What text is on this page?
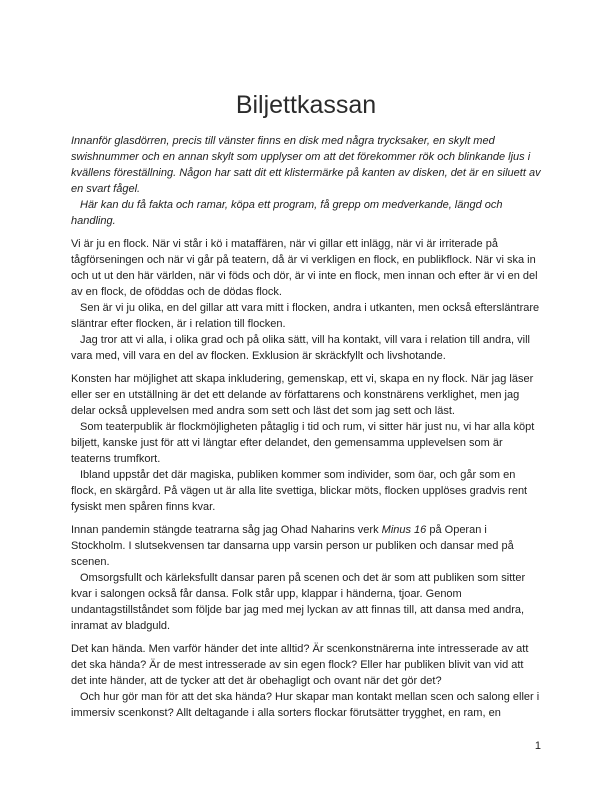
Biljettkassan

Innanför glasdörren, precis till vänster finns en disk med några trycksaker, en skylt med swishnummer och en annan skylt som upplyser om att det förekommer rök och blinkande ljus i kvällens föreställning. Någon har satt dit ett klistermärke på kanten av disken, det är en siluett av en svart fågel.

Här kan du få fakta och ramar, köpa ett program, få grepp om medverkande, längd och handling.

Vi är ju en flock. När vi står i kö i mataffären, när vi gillar ett inlägg, när vi är irriterade på tågförseningen och när vi går på teatern, då är vi verkligen en flock, en publikflock. När vi ska in och ut ut den här världen, när vi föds och dör, är vi inte en flock, men innan och efter är vi en del av en flock, de oföddas och de dödas flock.

Sen är vi ju olika, en del gillar att vara mitt i flocken, andra i utkanten, men också eftersläntrare släntrar efter flocken, är i relation till flocken.

Jag tror att vi alla, i olika grad och på olika sätt, vill ha kontakt, vill vara i relation till andra, vill vara med, vill vara en del av flocken. Exklusion är skräckfyllt och livshotande.

Konsten har möjlighet att skapa inkludering, gemenskap, ett vi, skapa en ny flock. När jag läser eller ser en utställning är det ett delande av författarens och konstnärens verklighet, men jag delar också upplevelsen med andra som sett och läst det som jag sett och läst.

Som teaterpublik är flockmöjligheten påtaglig i tid och rum, vi sitter här just nu, vi har alla köpt biljett, kanske just för att vi längtar efter delandet, den gemensamma upplevelsen som är teaterns trumfkort.

Ibland uppstår det där magiska, publiken kommer som individer, som öar, och går som en flock, en skärgård. På vägen ut är alla lite svettiga, blickar möts, flocken upplöses gradvis rent fysiskt men spåren finns kvar.

Innan pandemin stängde teatrarna såg jag Ohad Naharins verk Minus 16 på Operan i Stockholm. I slutsekvensen tar dansarna upp varsin person ur publiken och dansar med på scenen.

Omsorgsfullt och kärleksfullt dansar paren på scenen och det är som att publiken som sitter kvar i salongen också får dansa. Folk står upp, klappar i händerna, tjoar. Genom undantagstillståndet som följde bar jag med mej lyckan av att finnas till, att dansa med andra, inramat av bladguld.

Det kan hända. Men varför händer det inte alltid? Är scenkonstnärerna inte intresserade av att det ska hända? Är de mest intresserade av sin egen flock? Eller har publiken blivit van vid att det inte händer, att de tycker att det är obehagligt och ovant när det gör det?

Och hur gör man för att det ska hända? Hur skapar man kontakt mellan scen och salong eller i immersiv scenkonst? Allt deltagande i alla sorters flockar förutsätter trygghet, en ram, en

1
